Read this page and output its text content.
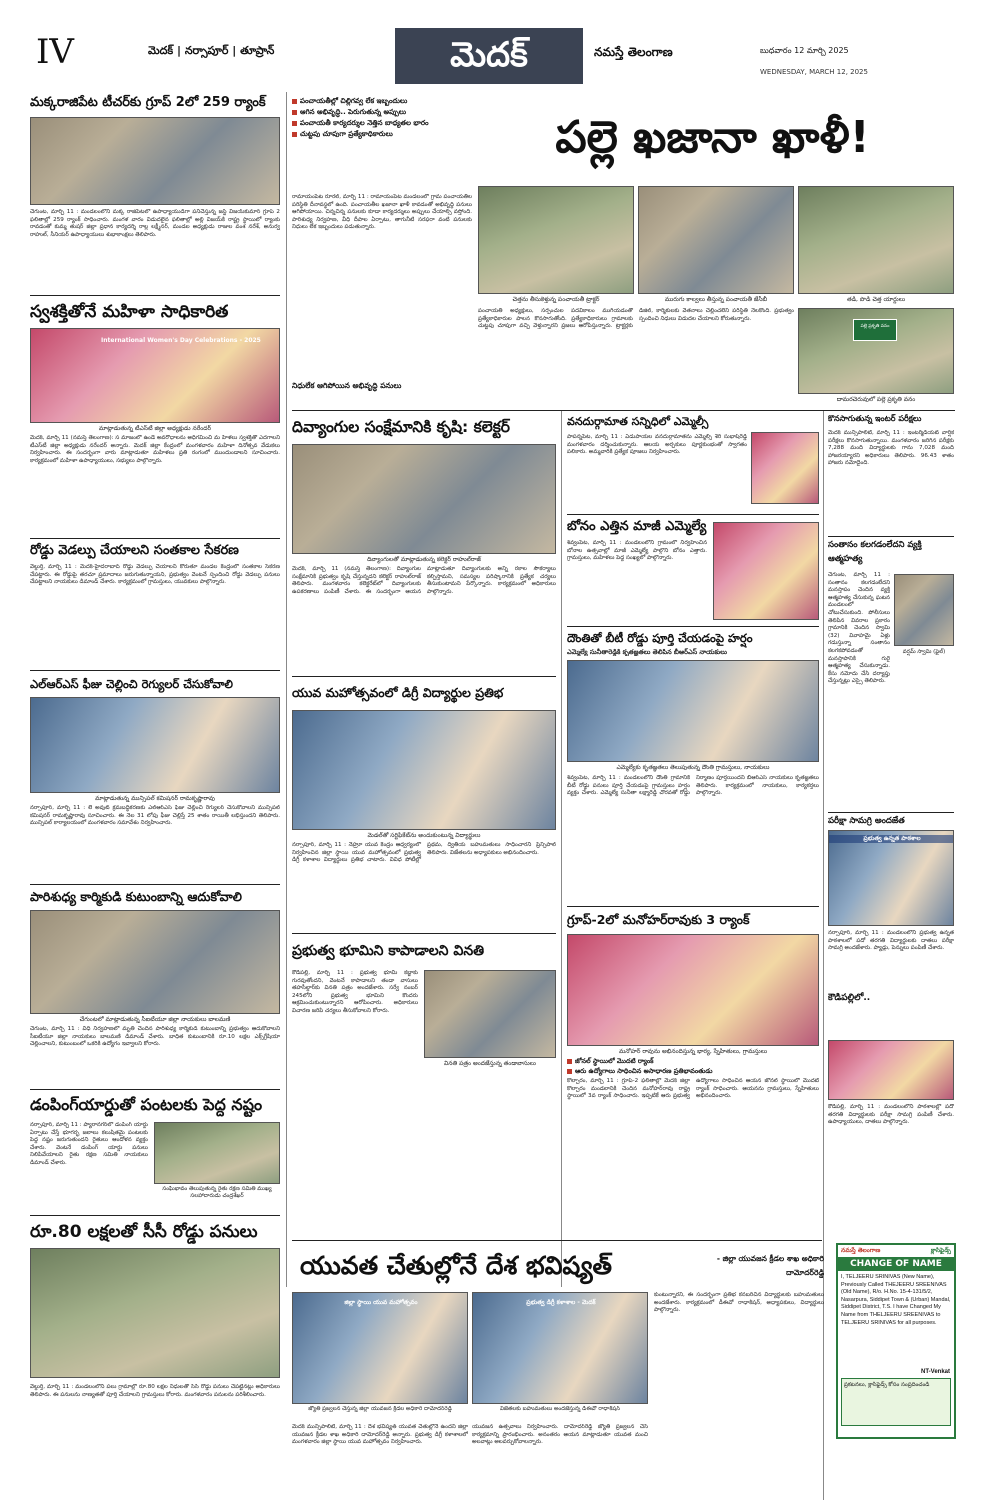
IV	మెదక్ | నర్సాపూర్ | తూప్రాన్	మెదక్	నమస్తే తెలంగాణ	బుధవారం 12 మార్చి 2025
WEDNESDAY, MARCH 12, 2025
మక్కరాజిపేట టీచర్‌కు గ్రూప్ 2లో 259 ర్యాంక్
చేగుంట, మార్చి 11 : మండలంలోని మక్క రాజిపేటలో ఉపాధ్యాయుడిగా పనిచేస్తున్న జస్టీ విజయ్‌కుమార్ గ్రూప్ 2 ఫలితాల్లో 259 ర్యాంక్ సాధించారు. మంగళ వారం విడుదలైన ఫలితాల్లో అల్లి విజయ్‌కి రాష్ట్ర స్థాయిలో ర్యాంకు రావడంతో కుమ్మ తుషర్ జిల్లా ప్రధాన కార్యదర్శి రాల్ల లక్ష్మీనర్, మండల అధ్యక్షుడు రాజుల వంశ నరేశ్, అనుర్వ రాహుల్, సీనియర్ ఉపాధ్యాయులు శుభాకాంక్షలు తెలిపారు.
స్వశక్తితోనే మహిళా సాధికారిత
International Women's Day Celebrations - 2025
మాట్లాడుతున్న టీఎస్‌టీ జిల్లా అధ్యక్షుడు నరేందర్
మెదక్, మార్చి 11 (నమస్తే తెలంగాణ): స మాజంలో ఉండే అవరోధాలను అధిగమించి మ హిళలు స్వశక్తితో ఎదగాలని టీఎస్‌టీ జిల్లా అధ్యక్షుడు నరేందర్ అన్నారు. మెదక్ జిల్లా కేంద్రంలో మంగళవారం మహిళా దినోత్సవ వేడుకలు నిర్వహించారు. ఈ సందర్భంగా వారు మాట్లాడుతూ మహిళలు ప్రతి రంగంలో ముందుండాలని సూచించారు. కార్యక్రమంలో మహిళా ఉపాధ్యాయులు, సభ్యులు పాల్గొన్నారు.
రోడ్డు వెడల్పు చేయాలని సంతకాల సేకరణ
వెల్దుర్తి, మార్చి 11 : మెదక్-హైదరాబాద్ రోడ్డు వెడల్పు చేయాలని కోరుతూ మండల కేంద్రంలో సంతకాల సేకరణ చేపట్టారు. ఈ రోడ్డుపై తరచూ ప్రమాదాలు జరుగుతున్నాయని, ప్రభుత్వం వెంటనే స్పందించి రోడ్డు వెడల్పు పనులు చేపట్టాలని నాయకులు డిమాండ్ చేశారు. కార్యక్రమంలో గ్రామస్తులు, యువకులు పాల్గొన్నారు.
ఎల్‌ఆర్‌ఎస్ ఫీజు చెల్లించి రెగ్యులర్ చేసుకోవాలి
మాట్లాడుతున్న మున్సిపల్ కమిషనర్ రామకృష్ణారావు
నర్సాపూర్, మార్చి 11 : లే అవుట్ క్రమబద్ధీకరణకు ఎల్‌ఆర్‌ఎస్ ఫీజు చెల్లించి రెగ్యులర్ చేసుకోవాలని మున్సిపల్ కమిషనర్ రామకృష్ణారావు సూచించారు. ఈ నెల 31 లోపు ఫీజు చెల్లిస్తే 25 శాతం రాయితీ లభిస్తుందని తెలిపారు. మున్సిపల్ కార్యాలయంలో మంగళవారం సమావేశం నిర్వహించారు.
పారిశుధ్య కార్మికుడి కుటుంబాన్ని ఆదుకోవాలి
చేగుంటలో మాట్లాడుతున్న సీఐటీయూ జిల్లా నాయకులు బాలమణి
చేగుంట, మార్చి 11 : విధి నిర్వహణలో మృతి చెందిన పారిశుధ్య కార్మికుడి కుటుంబాన్ని ప్రభుత్వం ఆదుకోవాలని సీఐటీయూ జిల్లా నాయకులు బాలమణి డిమాండ్ చేశారు. బాధిత కుటుంబానికి రూ.10 లక్షల ఎక్స్‌గ్రేషియా చెల్లించాలని, కుటుంబంలో ఒకరికి ఉద్యోగం ఇవ్వాలని కోరారు.
డంపింగ్‌యార్డుతో పంటలకు పెద్ద నష్టం
నర్సాపూర్, మార్చి 11 : ప్యారానగర్‌లో డంపింగ్ యార్డు ఏర్పాటు చేస్తే భూగర్భ జలాలు కలుషితమై పంటలకు పెద్ద నష్టం జరుగుతుందని రైతులు ఆందోళన వ్యక్తం చేశారు. వెంటనే డంపింగ్ యార్డు పనులు నిలిపివేయాలని రైతు రక్షణ సమితి నాయకులు డిమాండ్ చేశారు.
సంఘీభావం తెలుపుతున్న రైతు రక్షణ సమితి ముఖ్య సలహాదారుడు చంద్రశేఖర్
రూ.80 లక్షలతో సీసీ రోడ్డు పనులు
వెల్దుర్తి, మార్చి 11 : మండలంలోని పలు గ్రామాల్లో రూ.80 లక్షల నిధులతో సీసీ రోడ్డు పనులు చేపట్టినట్లు అధికారులు తెలిపారు. ఈ పనులను నాణ్యతతో పూర్తి చేయాలని గ్రామస్తులు కోరారు. మంగళవారం పనులను పరిశీలించారు.
పంచాయతీల్లో చిల్లిగవ్వ లేక ఇబ్బందులు
ఆగిన అభివృద్ధి.. పెరుగుతున్న అప్పులు
పంచాయతీ కార్యదర్శుల నెత్తిన బాధ్యతల భారం
చుట్టపు చూపుగా ప్రత్యేకాధికారులు	పల్లె ఖజానా ఖాళీ!
రామాయంపేట రూరల్, మార్చి 11 : రామాయంపేట మండలంలో గ్రామ పంచాయతీల పరిస్థితి దీనావస్థలో ఉంది. పంచాయతీల ఖజానా ఖాళీ కావడంతో అభివృద్ధి పనులు ఆగిపోయాయి. చిన్నచిన్న పనులకు కూడా కార్యదర్శులు అప్పులు చేయాల్సి వస్తోంది. పారిశుధ్య నిర్వహణ, వీధి దీపాల ఏర్పాటు, తాగునీటి సరఫరా వంటి పనులకు నిధులు లేక ఇబ్బందులు పడుతున్నారు.
నిధులేక ఆగిపోయిన అభివృద్ధి పనులు
చెత్తను తీసుకెళ్తున్న పంచాయతీ ట్రాక్టర్	మురుగు కాల్వలు తీస్తున్న పంచాయతీ జేసీబీ	తడి, పొడి చెత్త యార్డులు
పంచాయతీ అధ్యక్షులు, సర్పంచుల పదవీకాలం ముగియడంతో ప్రత్యేకాధికారుల పాలన కొనసాగుతోంది. ప్రత్యేకాధికారులు గ్రామాలకు చుట్టపు చూపుగా వచ్చి వెళ్తున్నారని ప్రజలు ఆరోపిస్తున్నారు. ట్రాక్టర్లకు డీజిల్, కార్మికులకు వేతనాలు చెల్లించలేని పరిస్థితి నెలకొంది. ప్రభుత్వం స్పందించి నిధులు విడుదల చేయాలని కోరుతున్నారు.
పల్లె ప్రకృతి వనం
దామరచెరువులో పల్లె ప్రకృతి వనం
దివ్యాంగుల సంక్షేమానికి కృషి: కలెక్టర్
దివ్యాంగులతో మాట్లాడుతున్న కలెక్టర్ రాహుల్‌రాజ్
మెదక్, మార్చి 11 (నమస్తే తెలంగాణ): దివ్యాంగుల సంక్షేమానికి ప్రభుత్వం కృషి చేస్తున్నదని కలెక్టర్ రాహుల్‌రాజ్ తెలిపారు. మంగళవారం కలెక్టరేట్‌లో దివ్యాంగులకు ఉపకరణాలు పంపిణీ చేశారు. ఈ సందర్భంగా ఆయన మాట్లాడుతూ దివ్యాంగులకు అన్ని రకాల సౌకర్యాలు కల్పిస్తామని, సమస్యల పరిష్కారానికి ప్రత్యేక చర్యలు తీసుకుంటామని పేర్కొన్నారు. కార్యక్రమంలో అధికారులు పాల్గొన్నారు.
యువ మహోత్సవంలో డిగ్రీ విద్యార్థుల ప్రతిభ
మెడల్‌తో సర్టిఫికేట్‌ను అందుకుంటున్న విద్యార్థులు
నర్సాపూర్, మార్చి 11 : నెహ్రూ యువ కేంద్రం ఆధ్వర్యంలో నిర్వహించిన జిల్లా స్థాయి యువ మహోత్సవంలో ప్రభుత్వ డిగ్రీ కళాశాల విద్యార్థులు ప్రతిభ చాటారు. వివిధ పోటీల్లో ప్రథమ, ద్వితీయ బహుమతులు సాధించారని ప్రిన్సిపాల్ తెలిపారు. విజేతలను అధ్యాపకులు అభినందించారు.
ప్రభుత్వ భూమిని కాపాడాలని వినతి
కౌడిపల్లి, మార్చి 11 : ప్రభుత్వ భూమి కబ్జాకు గురవుతోందని, వెంటనే కాపాడాలని తండా వాసులు తహసీల్దార్‌కు వినతి పత్రం అందజేశారు. సర్వే నంబర్ 245లోని ప్రభుత్వ భూమిని కొందరు ఆక్రమించుకుంటున్నారని ఆరోపించారు. అధికారులు విచారణ జరిపి చర్యలు తీసుకోవాలని కోరారు.
వినతి పత్రం అందజేస్తున్న తండావాసులు
వనదుర్గామాత సన్నిధిలో ఎమ్మెల్సీ
పాపన్నపేట, మార్చి 11 : ఏడుపాయల వనదుర్గామాతను ఎమ్మెల్సీ శేరి సుభాష్‌రెడ్డి మంగళవారం దర్శించుకున్నారు. ఆలయ అర్చకులు పూర్ణకుంభంతో స్వాగతం పలికారు. అమ్మవారికి ప్రత్యేక పూజలు నిర్వహించారు.
బోనం ఎత్తిన మాజీ ఎమ్మెల్యే
శివ్వంపేట, మార్చి 11 : మండలంలోని గ్రామంలో నిర్వహించిన బోనాల ఉత్సవాల్లో మాజీ ఎమ్మెల్యే పాల్గొని బోనం ఎత్తారు. గ్రామస్తులు, మహిళలు పెద్ద సంఖ్యలో పాల్గొన్నారు.
దౌంతితో బీటీ రోడ్డు పూర్తి చేయడంపై హర్షం
ఎమ్మెల్యే సునీతారెడ్డికి కృతజ్ఞతలు తెలిపిన బీఆర్‌ఎస్ నాయకులు
ఎమ్మెల్యేకు కృతజ్ఞతలు తెలుపుతున్న దౌంతి గ్రామస్తులు, నాయకులు
శివ్వంపేట, మార్చి 11 : మండలంలోని దౌంతి గ్రామానికి బీటీ రోడ్డు పనులు పూర్తి చేయడంపై గ్రామస్తులు హర్షం వ్యక్తం చేశారు. ఎమ్మెల్యే సునీతా లక్ష్మారెడ్డి చొరవతో రోడ్డు నిర్మాణం పూర్తయిందని బీఆర్‌ఎస్ నాయకులు కృతజ్ఞతలు తెలిపారు. కార్యక్రమంలో నాయకులు, కార్యకర్తలు పాల్గొన్నారు.
గ్రూప్-2లో మనోహర్‌రావుకు 3 ర్యాంక్
మనోహర్ రావును అభినందిస్తున్న భార్య, స్నేహితులు, గ్రామస్తులు
జోనల్ స్థాయిలో మొదటి ర్యాంక్
ఆరు ఉద్యోగాలు సాధించిన అసాధారణ ప్రతిభావంతుడు
కొల్చారం, మార్చి 11 : గ్రూప్-2 ఫలితాల్లో మెదక్ జిల్లా కొల్చారం మండలానికి చెందిన మనోహర్‌రావు రాష్ట్ర స్థాయిలో 3వ ర్యాంక్ సాధించారు. ఇప్పటికే ఆరు ప్రభుత్వ ఉద్యోగాలు సాధించిన ఆయన జోనల్ స్థాయిలో మొదటి ర్యాంక్ సాధించారు. ఆయనను గ్రామస్తులు, స్నేహితులు అభినందించారు.
కొనసాగుతున్న ఇంటర్ పరీక్షలు
మెదక్ మున్సిపాలిటీ, మార్చి 11 : ఇంటర్మీడియట్ వార్షిక పరీక్షలు కొనసాగుతున్నాయి. మంగళవారం జరిగిన పరీక్షకు 7,288 మంది విద్యార్థులకు గాను 7,028 మంది హాజరయ్యారని అధికారులు తెలిపారు. 96.43 శాతం హాజరు నమోదైంది.
సంతానం కలగడంలేదని వ్యక్తి ఆత్మహత్య
చేగుంట, మార్చి 11 : సంతానం కలగడంలేదని మనస్తాపం చెందిన వ్యక్తి ఆత్మహత్య చేసుకున్న ఘటన మండలంలో చోటుచేసుకుంది. పోలీసులు తెలిపిన వివరాల ప్రకారం గ్రామానికి చెందిన స్వామి (32) వివాహమై ఏళ్లు గడుస్తున్నా సంతానం కలగకపోవడంతో మనస్తాపానికి గురై ఆత్మహత్య చేసుకున్నాడు. కేసు నమోదు చేసి దర్యాప్తు చేస్తున్నట్లు ఎస్సై తెలిపారు.
వర్షమ్ స్వామి (ఫైల్)
పరీక్షా సామగ్రి అందజేత
ప్రభుత్వ ఉన్నత పాఠశాల
నర్సాపూర్, మార్చి 11 : మండలంలోని ప్రభుత్వ ఉన్నత పాఠశాలలో పదో తరగతి విద్యార్థులకు దాతలు పరీక్షా సామగ్రి అందజేశారు. ప్యాడ్లు, పెన్నులు పంపిణీ చేశారు.
కౌడిపల్లిలో..
కౌడిపల్లి, మార్చి 11 : మండలంలోని పాఠశాలల్లో పదో తరగతి విద్యార్థులకు పరీక్షా సామగ్రి పంపిణీ చేశారు. ఉపాధ్యాయులు, దాతలు పాల్గొన్నారు.
నమస్తే తెలంగాణ	క్లాసిఫైడ్స్
CHANGE OF NAME
I, TELJEERU SRINIVAS (New Name), Previously Called THEJEERU SREENIVAS (Old Name), R/o. H.No. 15-4-131/5/2, Nasarpura, Siddipet Town & (Urban) Mandal, Siddipet District, T.S. I have Changed My Name from THELJEERU SREENIVAS to TELJEERU SRINIVAS for all purposes.
NT-Venkat
ప్రకటనలు, క్లాసిఫైడ్స్ కోసం సంప్రదించండి
యువత చేతుల్లోనే దేశ భవిష్యత్	- జిల్లా యువజన క్రీడల శాఖ అధికారి దామోదర్‌రెడ్డి
జిల్లా స్థాయి యువ మహోత్సవం
జ్యోతి ప్రజ్వలన చేస్తున్న జిల్లా యువజన క్రీడల అధికారి దామోదర్‌రెడ్డి
ప్రభుత్వ డిగ్రీ కళాశాల - మెదక్
విజేతలకు బహుమతులు అందజేస్తున్న డీఈవో రాధాకిషన్
కుంటున్నారని, ఈ సందర్భంగా ప్రతిభ కనబరిచిన విద్యార్థులకు బహుమతులు అందజేశారు. కార్యక్రమంలో డీఈవో రాధాకిషన్, అధ్యాపకులు, విద్యార్థులు పాల్గొన్నారు.
మెదక్ మున్సిపాలిటీ, మార్చి 11 : దేశ భవిష్యత్ యువత చేతుల్లోనే ఉందని జిల్లా యువజన క్రీడల శాఖ అధికారి దామోదర్‌రెడ్డి అన్నారు. ప్రభుత్వ డిగ్రీ కళాశాలలో మంగళవారం జిల్లా స్థాయి యువ మహోత్సవం నిర్వహించారు.
యువజన ఉత్సవాలు నిర్వహించారు. దామోదర్‌రెడ్డి జ్యోతి ప్రజ్వలన చేసి కార్యక్రమాన్ని ప్రారంభించారు. అనంతరం ఆయన మాట్లాడుతూ యువత మంచి అలవాట్లు అలవర్చుకోవాలన్నారు.
